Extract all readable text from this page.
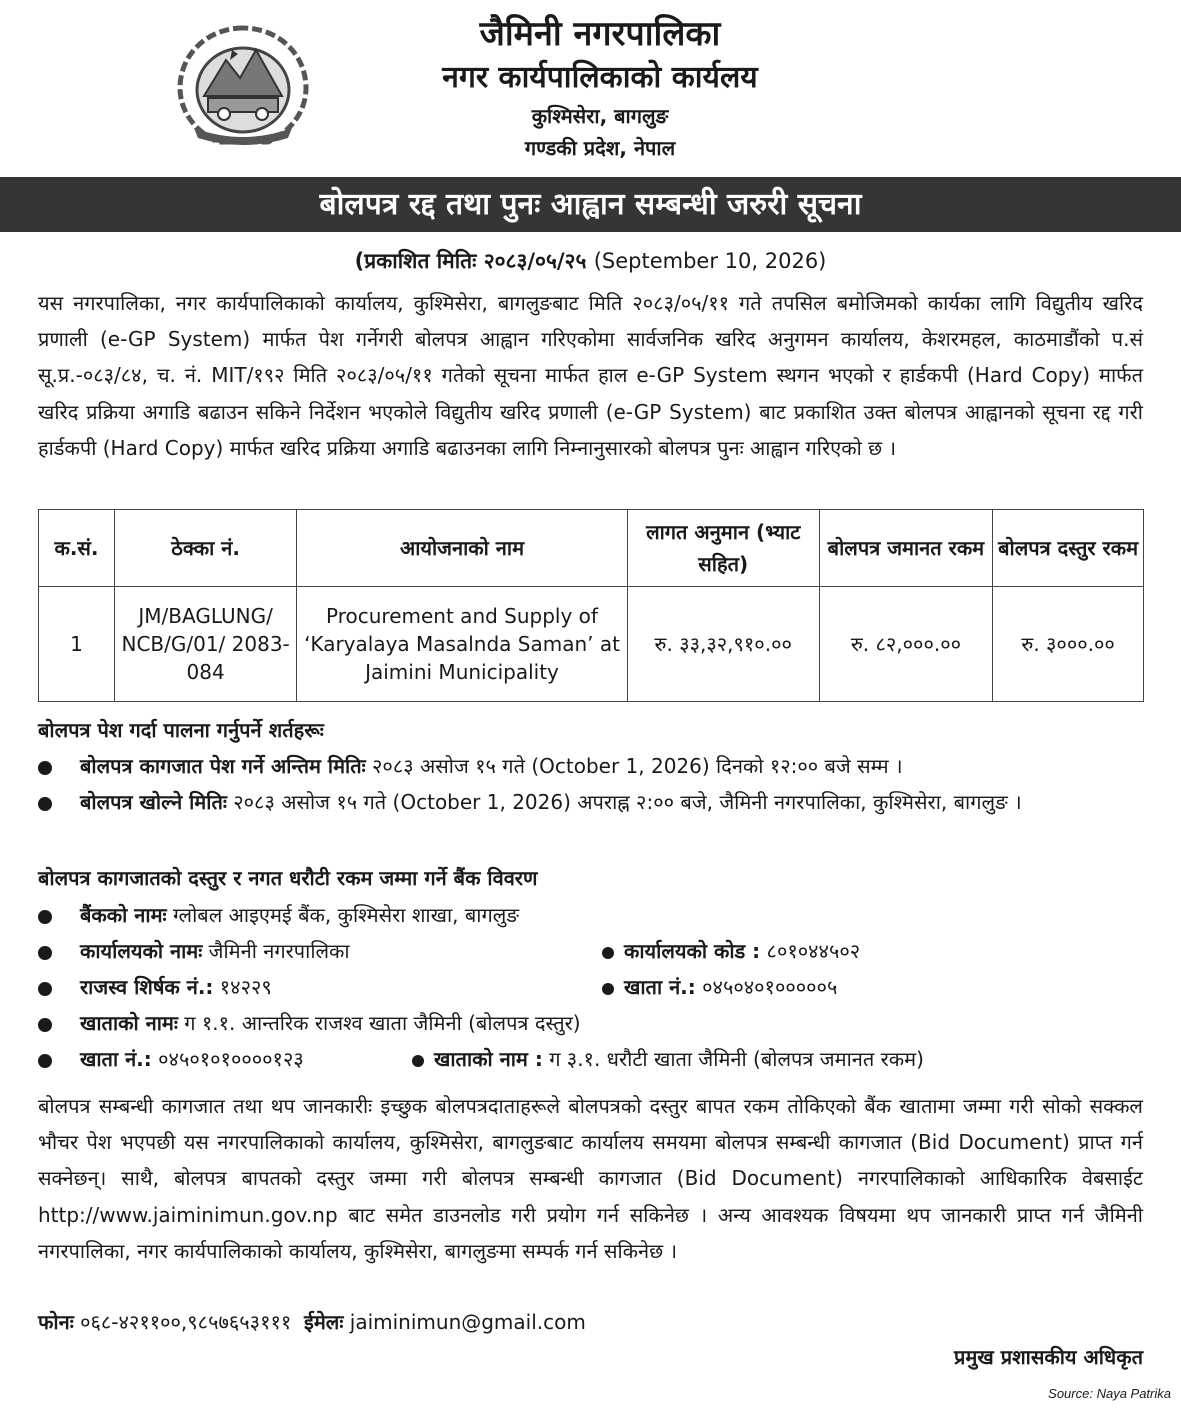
जैमिनी नगरपालिका
नगर कार्यपालिकाको कार्यलय
कुश्मिसेरा, बागलुङ
गण्डकी प्रदेश, नेपाल
बोलपत्र रद्द तथा पुनः आह्वान सम्बन्धी जरुरी सूचना
(प्रकाशित मितिः २०८३/०५/२५ (September 10, 2026)
यस नगरपालिका, नगर कार्यपालिकाको कार्यालय, कुश्मिसेरा, बागलुङबाट मिति २०८३/०५/११ गते तपसिल बमोजिमको कार्यका लागि विद्युतीय खरिद प्रणाली (e-GP System) मार्फत पेश गर्नेगरी बोलपत्र आह्वान गरिएकोमा सार्वजनिक खरिद अनुगमन कार्यालय, केशरमहल, काठमाडौंको प.सं सू.प्र.-०८३/८४, च. नं. MIT/१९२ मिति २०८३/०५/११ गतेको सूचना मार्फत हाल e-GP System स्थगन भएको र हार्डकपी (Hard Copy) मार्फत खरिद प्रक्रिया अगाडि बढाउन सकिने निर्देशन भएकोले विद्युतीय खरिद प्रणाली (e-GP System) बाट प्रकाशित उक्त बोलपत्र आह्वानको सूचना रद्द गरी हार्डकपी (Hard Copy) मार्फत खरिद प्रक्रिया अगाडि बढाउनका लागि निम्नानुसारको बोलपत्र पुनः आह्वान गरिएको छ ।
क.सं.	ठेक्का नं.	आयोजनाको नाम	लागत अनुमान (भ्याट सहित)	बोलपत्र जमानत रकम	बोलपत्र दस्तुर रकम
1	JM/BAGLUNG/ NCB/G/01/ 2083-084	Procurement and Supply of ‘Karyalaya Masalnda Saman’ at Jaimini Municipality	रु. ३३,३२,९१०.००	रु. ८२,०००.००	रु. ३०००.००
बोलपत्र पेश गर्दा पालना गर्नुपर्ने शर्तहरूः
बोलपत्र कागजात पेश गर्ने अन्तिम मितिः २०८३ असोज १५ गते (October 1, 2026) दिनको १२:०० बजे सम्म ।
बोलपत्र खोल्ने मितिः २०८३ असोज १५ गते (October 1, 2026) अपराह्न २:०० बजे, जैमिनी नगरपालिका, कुश्मिसेरा, बागलुङ ।
बोलपत्र कागजातको दस्तुर र नगत धरौटी रकम जम्मा गर्ने बैंक विवरण
बैंकको नामः ग्लोबल आइएमई बैंक, कुश्मिसेरा शाखा, बागलुङ
कार्यालयको नामः जैमिनी नगरपालिका	कार्यालयको कोड : ८०१०४४५०२
राजस्व शिर्षक नं.: १४२२९	खाता नं.: ०४५०४०१०००००५
खाताको नामः ग १.१. आन्तरिक राजश्व खाता जैमिनी (बोलपत्र दस्तुर)
खाता नं.: ०४५०१०१००००१२३	खाताको नाम : ग ३.१. धरौटी खाता जैमिनी (बोलपत्र जमानत रकम)
बोलपत्र सम्बन्धी कागजात तथा थप जानकारीः इच्छुक बोलपत्रदाताहरूले बोलपत्रको दस्तुर बापत रकम तोकिएको बैंक खातामा जम्मा गरी सोको सक्कल भौचर पेश भएपछी यस नगरपालिकाको कार्यालय, कुश्मिसेरा, बागलुङबाट कार्यालय समयमा बोलपत्र सम्बन्धी कागजात (Bid Document) प्राप्त गर्न सक्नेछन्। साथै, बोलपत्र बापतको दस्तुर जम्मा गरी बोलपत्र सम्बन्धी कागजात (Bid Document) नगरपालिकाको आधिकारिक वेबसाईट http://www.jaiminimun.gov.np बाट समेत डाउनलोड गरी प्रयोग गर्न सकिनेछ । अन्य आवश्यक विषयमा थप जानकारी प्राप्त गर्न जैमिनी नगरपालिका, नगर कार्यपालिकाको कार्यालय, कुश्मिसेरा, बागलुङमा सम्पर्क गर्न सकिनेछ ।
फोनः ०६८-४२११००,९८५७६५३१११ ईमेलः jaiminimun@gmail.com
प्रमुख प्रशासकीय अधिकृत
Source: Naya Patrika
